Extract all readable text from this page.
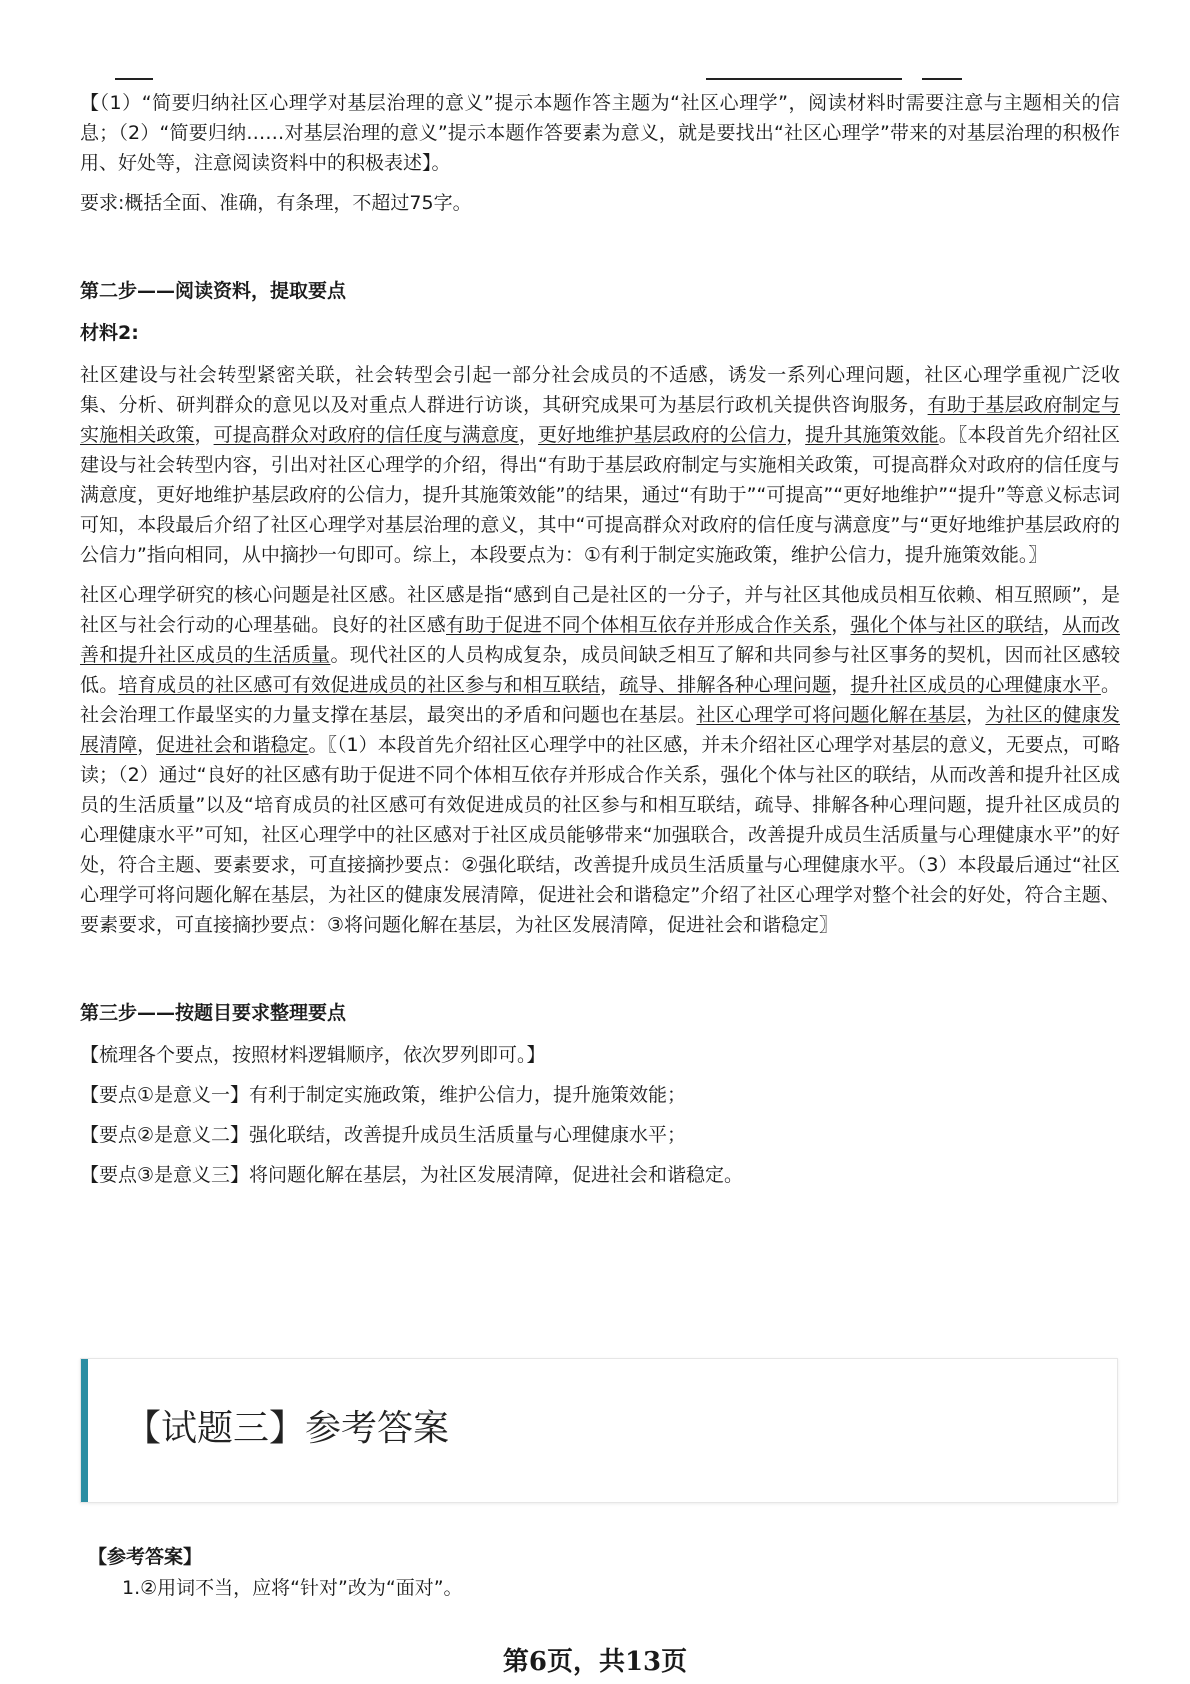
【（1）“简要归纳社区心理学对基层治理的意义”提示本题作答主题为“社区心理学”，阅读材料时需要注意与主题相关的信息；（2）“简要归纳……对基层治理的意义”提示本题作答要素为意义，就是要找出“社区心理学”带来的对基层治理的积极作用、好处等，注意阅读资料中的积极表述】。

要求:概括全面、准确，有条理，不超过75字。

第二步——阅读资料，提取要点
材料2:

社区建设与社会转型紧密关联，社会转型会引起一部分社会成员的不适感，诱发一系列心理问题，社区心理学重视广泛收集、分析、研判群众的意见以及对重点人群进行访谈，其研究成果可为基层行政机关提供咨询服务，有助于基层政府制定与实施相关政策，可提高群众对政府的信任度与满意度，更好地维护基层政府的公信力，提升其施策效能。〖本段首先介绍社区建设与社会转型内容，引出对社区心理学的介绍，得出“有助于基层政府制定与实施相关政策，可提高群众对政府的信任度与满意度，更好地维护基层政府的公信力，提升其施策效能”的结果，通过“有助于”“可提高”“更好地维护”“提升”等意义标志词可知，本段最后介绍了社区心理学对基层治理的意义，其中“可提高群众对政府的信任度与满意度”与“更好地维护基层政府的公信力”指向相同，从中摘抄一句即可。综上，本段要点为：①有利于制定实施政策，维护公信力，提升施策效能。〗

社区心理学研究的核心问题是社区感。社区感是指“感到自己是社区的一分子，并与社区其他成员相互依赖、相互照顾”，是社区与社会行动的心理基础。良好的社区感有助于促进不同个体相互依存并形成合作关系，强化个体与社区的联结，从而改善和提升社区成员的生活质量。现代社区的人员构成复杂，成员间缺乏相互了解和共同参与社区事务的契机，因而社区感较低。培育成员的社区感可有效促进成员的社区参与和相互联结，疏导、排解各种心理问题，提升社区成员的心理健康水平。社会治理工作最坚实的力量支撑在基层，最突出的矛盾和问题也在基层。社区心理学可将问题化解在基层，为社区的健康发展清障，促进社会和谐稳定。〖（1）本段首先介绍社区心理学中的社区感，并未介绍社区心理学对基层的意义，无要点，可略读；（2）通过“良好的社区感有助于促进不同个体相互依存并形成合作关系，强化个体与社区的联结，从而改善和提升社区成员的生活质量”以及“培育成员的社区感可有效促进成员的社区参与和相互联结，疏导、排解各种心理问题，提升社区成员的心理健康水平”可知，社区心理学中的社区感对于社区成员能够带来“加强联合，改善提升成员生活质量与心理健康水平”的好处，符合主题、要素要求，可直接摘抄要点：②强化联结，改善提升成员生活质量与心理健康水平。（3）本段最后通过“社区心理学可将问题化解在基层，为社区的健康发展清障，促进社会和谐稳定”介绍了社区心理学对整个社会的好处，符合主题、要素要求，可直接摘抄要点：③将问题化解在基层，为社区发展清障，促进社会和谐稳定〗

第三步——按题目要求整理要点

【梳理各个要点，按照材料逻辑顺序，依次罗列即可。】

【要点①是意义一】有利于制定实施政策，维护公信力，提升施策效能；

【要点②是意义二】强化联结，改善提升成员生活质量与心理健康水平；

【要点③是意义三】将问题化解在基层，为社区发展清障，促进社会和谐稳定。

【试题三】参考答案
【参考答案】
1.②用词不当，应将“针对”改为“面对”。
第6页，共13页
